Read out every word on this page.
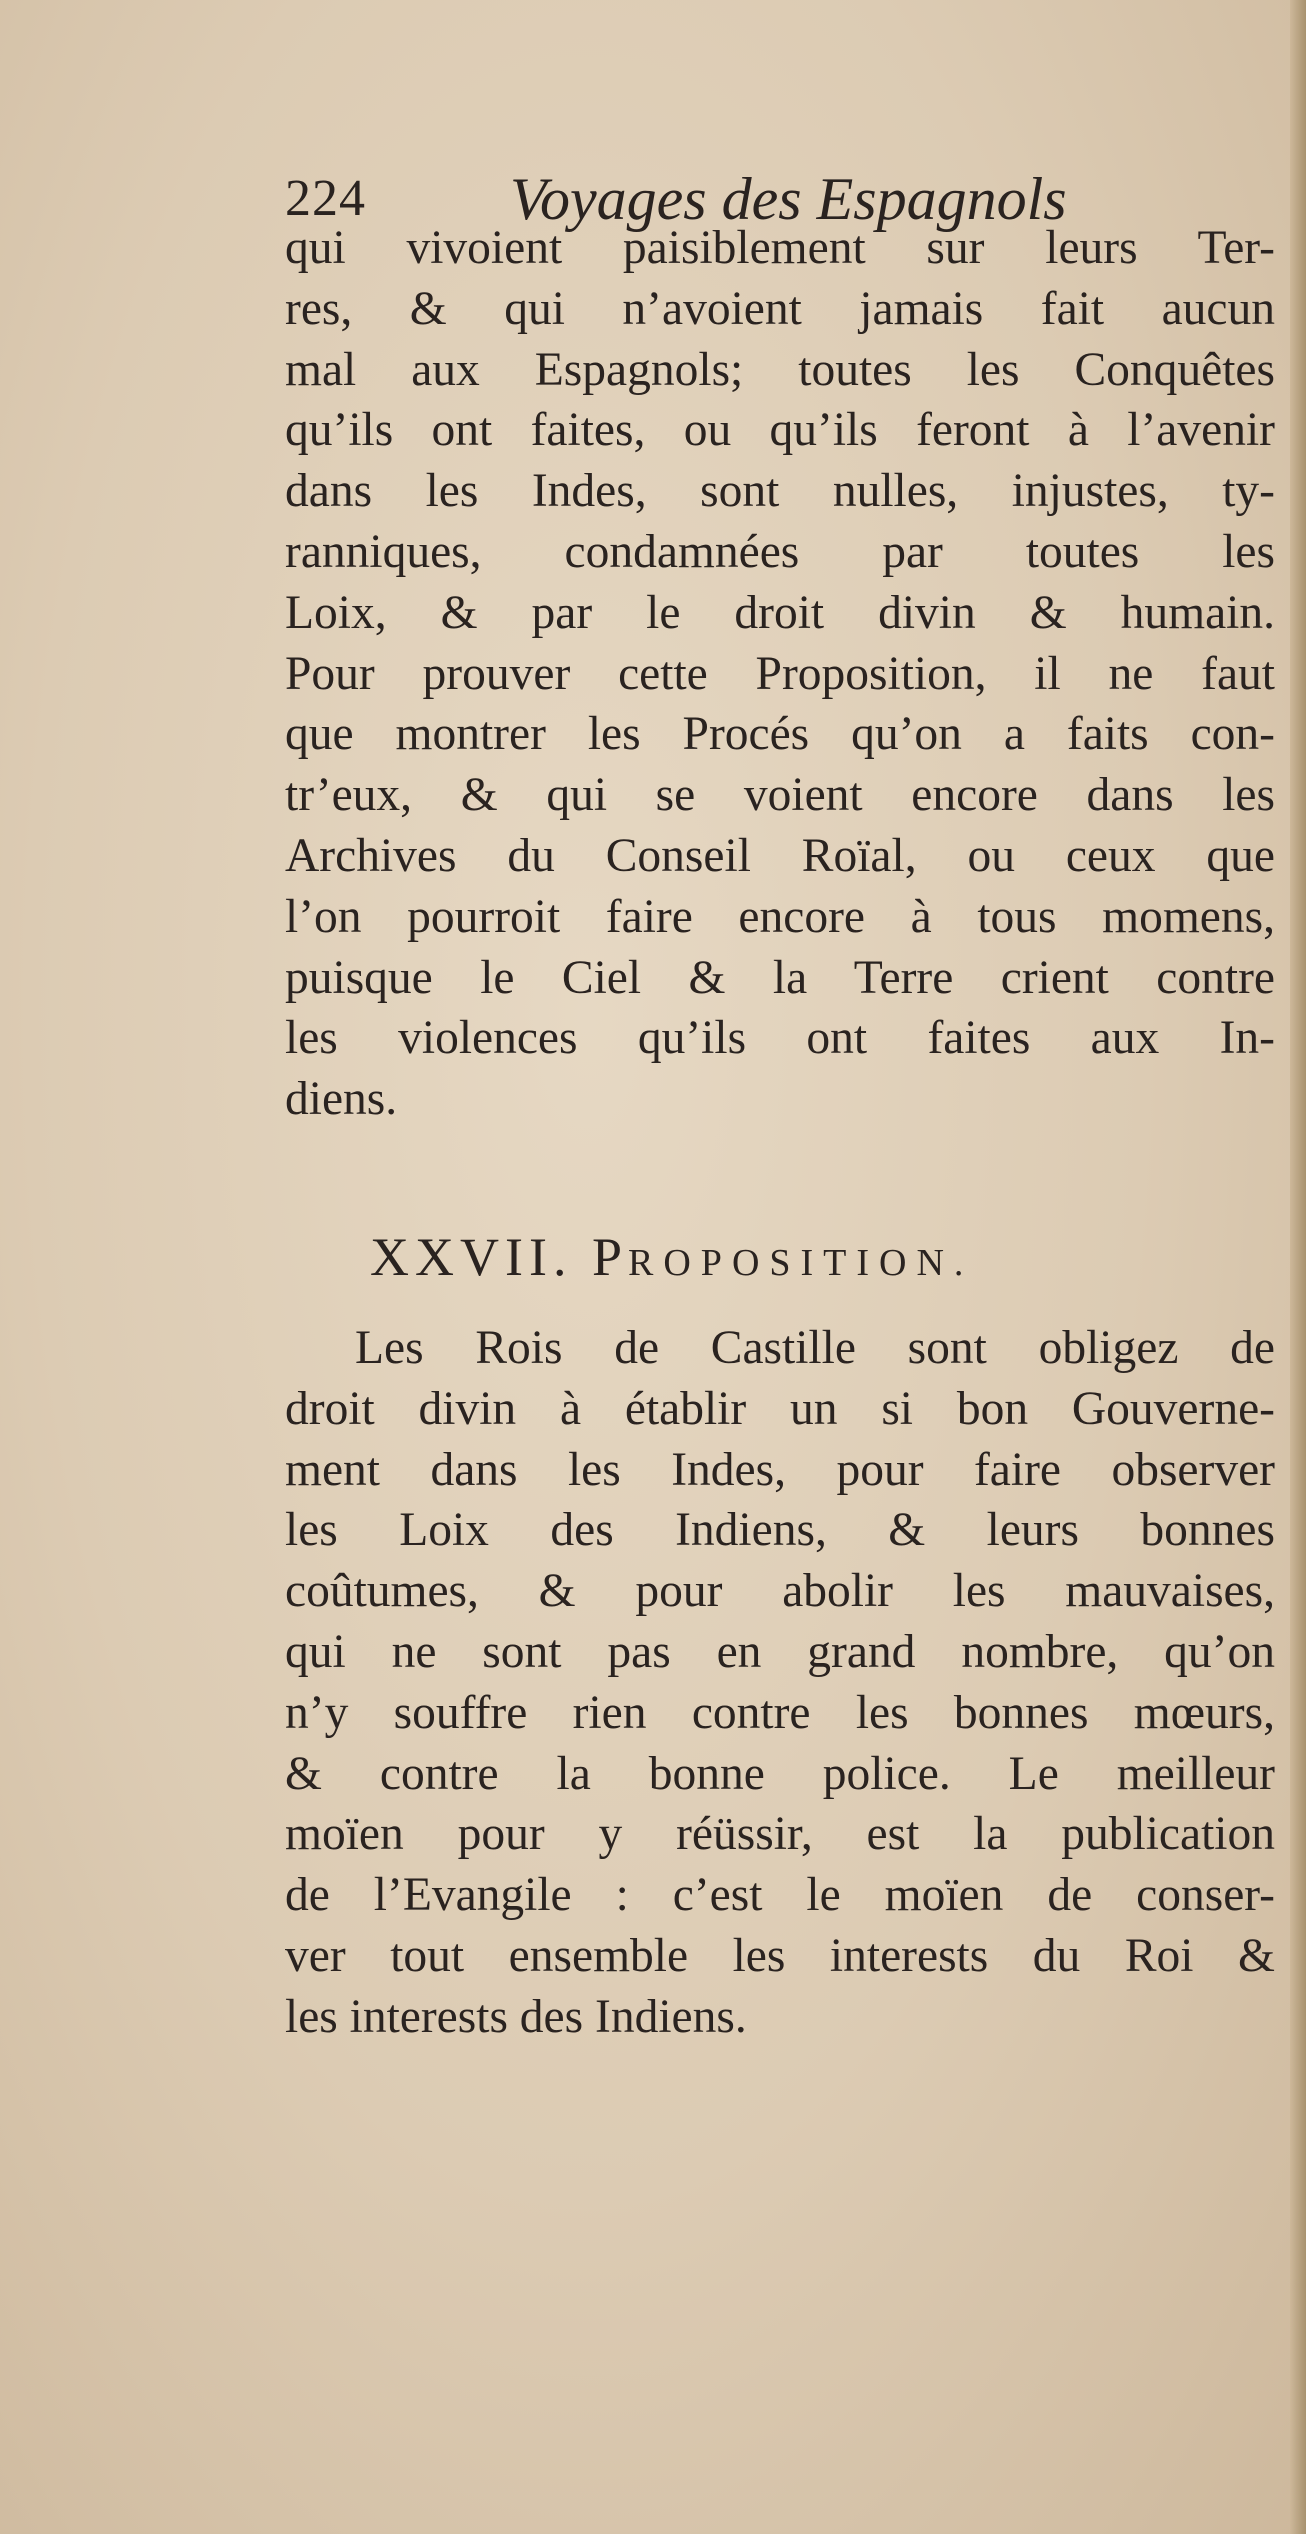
224 Voyages des Espagnols
qui vivoient paisiblement sur leurs Ter-
res, & qui n’avoient jamais fait aucun
mal aux Espagnols; toutes les Conquêtes
qu’ils ont faites, ou qu’ils feront à l’avenir
dans les Indes, sont nulles, injustes, ty-
ranniques, condamnées par toutes les
Loix, & par le droit divin & humain.
Pour prouver cette Proposition, il ne faut
que montrer les Procés qu’on a faits con-
tr’eux, & qui se voient encore dans les
Archives du Conseil Roïal, ou ceux que
l’on pourroit faire encore à tous momens,
puisque le Ciel & la Terre crient contre
les violences qu’ils ont faites aux In-
diens.
XXVII. PROPOSITION.
Les Rois de Castille sont obligez de
droit divin à établir un si bon Gouverne-
ment dans les Indes, pour faire observer
les Loix des Indiens, & leurs bonnes
coûtumes, & pour abolir les mauvaises,
qui ne sont pas en grand nombre, qu’on
n’y souffre rien contre les bonnes mœurs,
& contre la bonne police. Le meilleur
moïen pour y réüssir, est la publication
de l’Evangile : c’est le moïen de conser-
ver tout ensemble les interests du Roi &
les interests des Indiens.
